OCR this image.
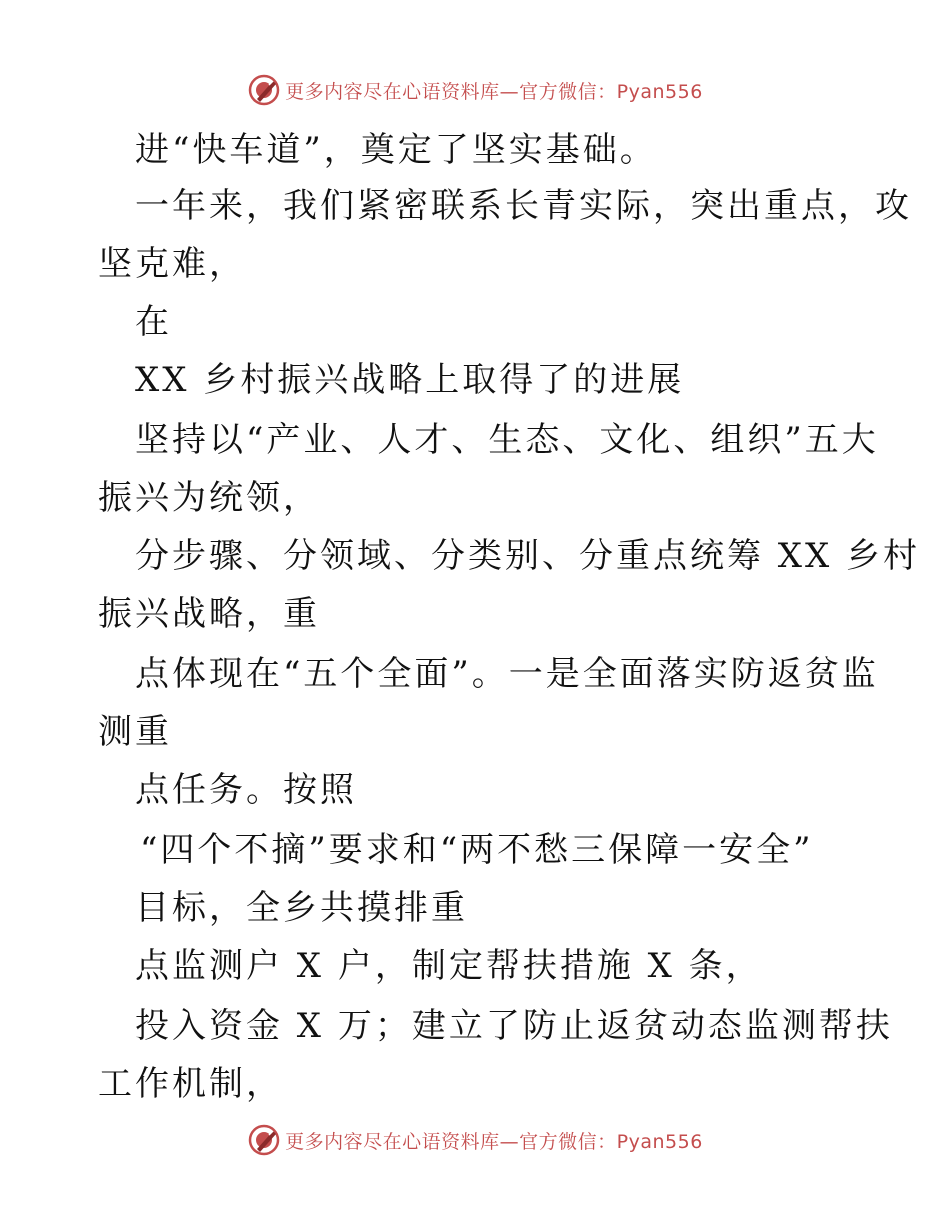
更多内容尽在心语资料库—官方微信：Pyan556
进“快车道”，奠定了坚实基础。
一年来，我们紧密联系长青实际，突出重点，攻
坚克难，
在
XX 乡村振兴战略上取得了的进展
坚持以“产业、人才、生态、文化、组织”五大
振兴为统领，
分步骤、分领域、分类别、分重点统筹 XX 乡村
振兴战略，重
点体现在“五个全面”。一是全面落实防返贫监
测重
点任务。按照
“四个不摘”要求和“两不愁三保障一安全”
目标，全乡共摸排重
点监测户 X 户，制定帮扶措施 X 条，
投入资金 X 万；建立了防止返贫动态监测帮扶
工作机制，
更多内容尽在心语资料库—官方微信：Pyan556
